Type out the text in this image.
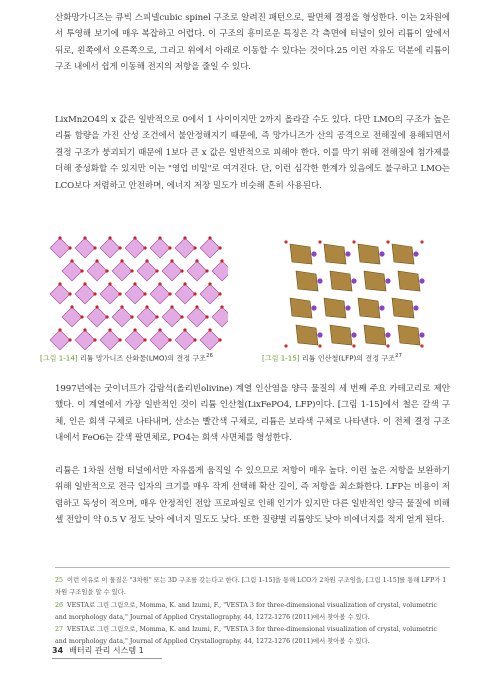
산화망가니즈는 큐빅 스피넬cubic spinel 구조로 알려진 패턴으로, 팔면체 결정을 형성한다. 이는 2차원에서 투영해 보기에 매우 복잡하고 어렵다. 이 구조의 흥미로운 특징은 각 측면에 터널이 있어 리튬이 앞에서 뒤로, 왼쪽에서 오른쪽으로, 그리고 위에서 아래로 이동할 수 있다는 것이다.25 이런 자유도 덕분에 리튬이 구조 내에서 쉽게 이동해 전지의 저항을 줄일 수 있다.

LixMn2O4의 x 값은 일반적으로 0에서 1 사이이지만 2까지 올라갈 수도 있다. 다만 LMO의 구조가 높은 리튬 함량을 가진 산성 조건에서 불안정해지기 때문에, 즉 망가니즈가 산의 공격으로 전해질에 용해되면서 결정 구조가 붕괴되기 때문에 1보다 큰 x 값은 일반적으로 피해야 한다. 이를 막기 위해 전해질에 첨가제를 더해 중성화할 수 있지만 이는 "영업 비밀"로 여겨진다. 단, 이런 심각한 한계가 있음에도 불구하고 LMO는 LCO보다 저렴하고 안전하며, 에너지 저장 밀도가 비슷해 흔히 사용된다.

[그림 1-14] 리튬 망가니즈 산화물(LMO)의 결정 구조$^{26}$	[그림 1-15] 리튬 인산철(LFP)의 결정 구조$^{27}$

1997년에는 굿이너프가 감람석(올리빈olivine) 계열 인산염을 양극 물질의 세 번째 주요 카테고리로 제안했다. 이 계열에서 가장 일반적인 것이 리튬 인산철(LixFePO4, LFP)이다. [그림 1-15]에서 철은 갈색 구체, 인은 회색 구체로 나타내며, 산소는 빨간색 구체로, 리튬은 보라색 구체로 나타낸다. 이 전체 결정 구조 내에서 FeO6는 갈색 팔면체로, PO4는 회색 사면체를 형성한다.

리튬은 1차원 선형 터널에서만 자유롭게 움직일 수 있으므로 저항이 매우 높다. 이런 높은 저항을 보완하기 위해 일반적으로 전극 입자의 크기를 매우 작게 선택해 확산 길이, 즉 저항을 최소화한다. LFP는 비용이 저렴하고 독성이 적으며, 매우 안정적인 전압 프로파일로 인해 인기가 있지만 다른 일반적인 양극 물질에 비해 셀 전압이 약 0.5 V 정도 낮아 에너지 밀도도 낮다. 또한 질량별 리튬양도 낮아 비에너지를 적게 얻게 된다.

25 이런 이유로 이 물질은 "3차원" 또는 3D 구조를 갖는다고 한다. [그림 1-15]을 통해 LCO가 2차원 구조임을, [그림 1-15]를 통해 LFP가 1차원 구조임을 알 수 있다.
26 VESTA로 그린 그림으로, Momma, K. and Izumi, F., "VESTA 3 for three-dimensional visualization of crystal, volumetric and morphology data," Journal of Applied Crystallography, 44, 1272-1276 (2011)에서 찾아볼 수 있다.
27 VESTA로 그린 그림으로, Momma, K. and Izumi, F., "VESTA 3 for three-dimensional visualization of crystal, volumetric and morphology data," Journal of Applied Crystallography, 44, 1272-1276 (2011)에서 찾아볼 수 있다.
34 배터리 관리 시스템 1
